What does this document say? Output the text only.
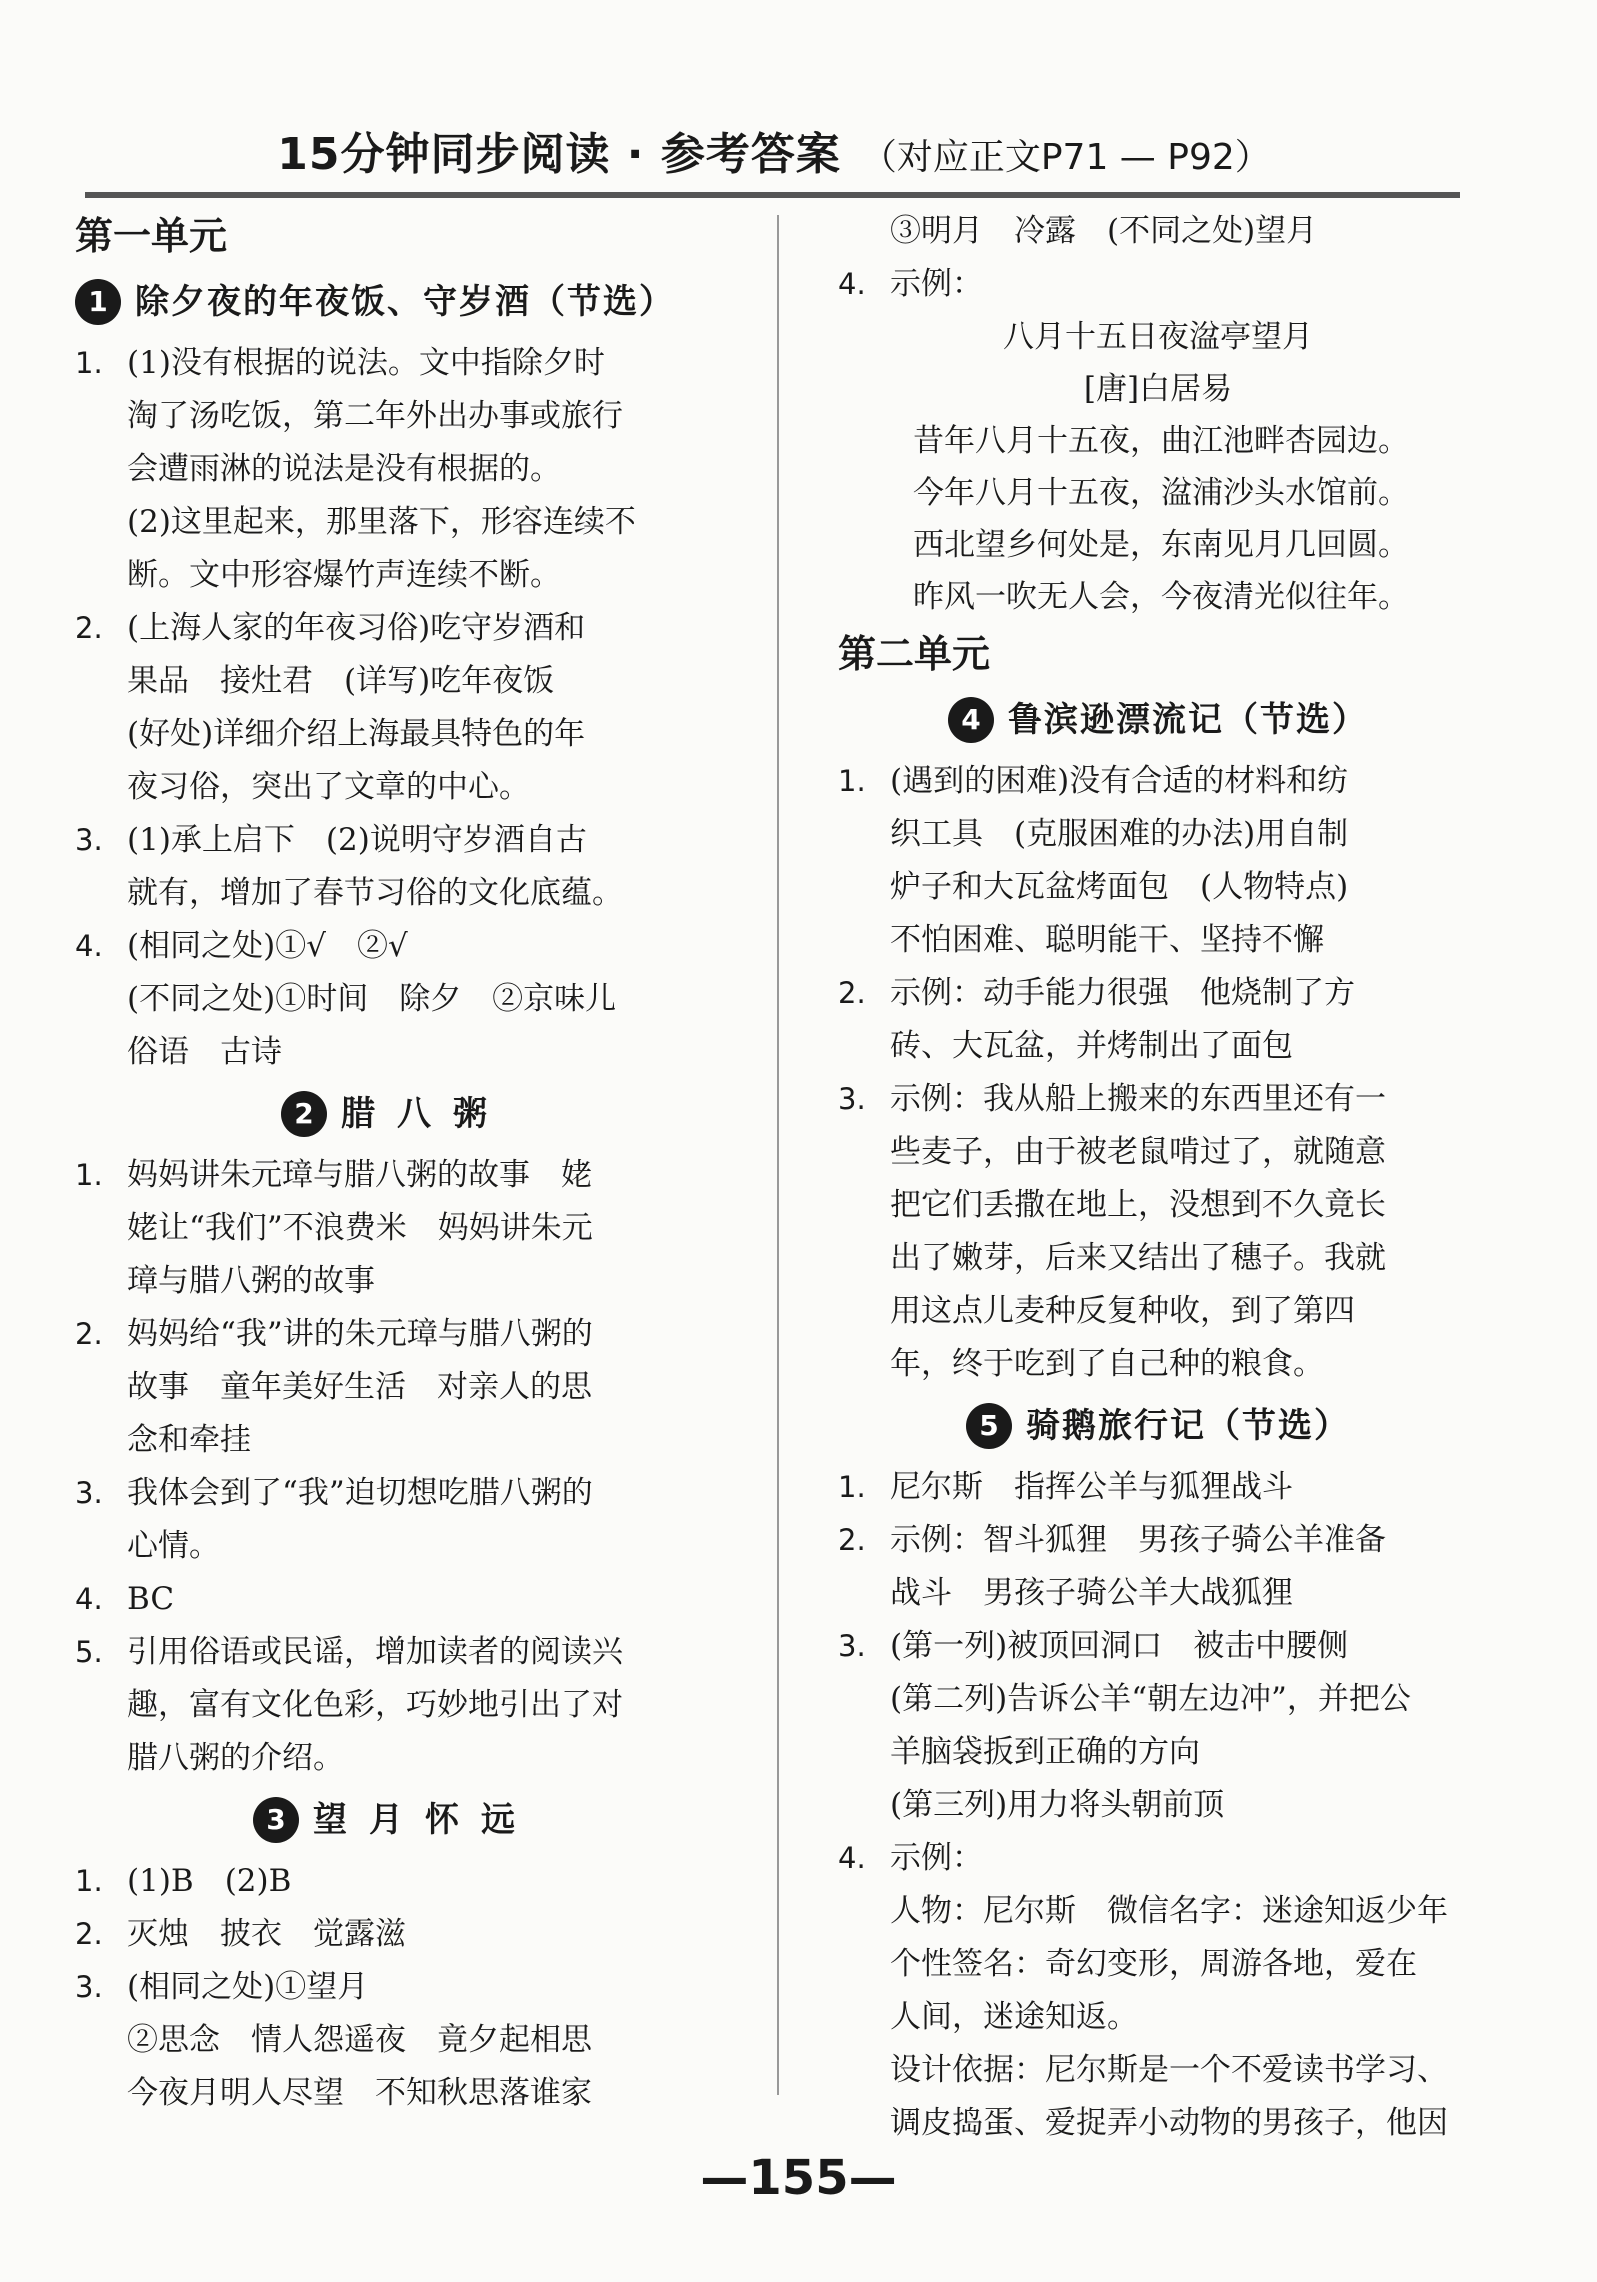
15分钟同步阅读 · 参考答案 （对应正文P71 — P92）
第一单元
1 除夕夜的年夜饭、守岁酒（节选）
1. (1)没有根据的说法。文中指除夕时
淘了汤吃饭，第二年外出办事或旅行
会遭雨淋的说法是没有根据的。
(2)这里起来，那里落下，形容连续不
断。文中形容爆竹声连续不断。
2. (上海人家的年夜习俗)吃守岁酒和
果品　接灶君　(详写)吃年夜饭
(好处)详细介绍上海最具特色的年
夜习俗，突出了文章的中心。
3. (1)承上启下　(2)说明守岁酒自古
就有，增加了春节习俗的文化底蕴。
4. (相同之处)①√　②√
(不同之处)①时间　除夕　②京味儿
俗语　古诗
2 腊八粥
1. 妈妈讲朱元璋与腊八粥的故事　姥
姥让“我们”不浪费米　妈妈讲朱元
璋与腊八粥的故事
2. 妈妈给“我”讲的朱元璋与腊八粥的
故事　童年美好生活　对亲人的思
念和牵挂
3. 我体会到了“我”迫切想吃腊八粥的
心情。
4. BC
5. 引用俗语或民谣，增加读者的阅读兴
趣，富有文化色彩，巧妙地引出了对
腊八粥的介绍。
3 望月怀远
1. (1)B　(2)B
2. 灭烛　披衣　觉露滋
3. (相同之处)①望月
②思念　情人怨遥夜　竟夕起相思
今夜月明人尽望　不知秋思落谁家
③明月　冷露　(不同之处)望月
4. 示例：
八月十五日夜湓亭望月
[唐]白居易
昔年八月十五夜，曲江池畔杏园边。
今年八月十五夜，湓浦沙头水馆前。
西北望乡何处是，东南见月几回圆。
昨风一吹无人会，今夜清光似往年。
第二单元
4 鲁滨逊漂流记（节选）
1. (遇到的困难)没有合适的材料和纺
织工具　(克服困难的办法)用自制
炉子和大瓦盆烤面包　(人物特点)
不怕困难、聪明能干、坚持不懈
2. 示例：动手能力很强　他烧制了方
砖、大瓦盆，并烤制出了面包
3. 示例：我从船上搬来的东西里还有一
些麦子，由于被老鼠啃过了，就随意
把它们丢撒在地上，没想到不久竟长
出了嫩芽，后来又结出了穗子。我就
用这点儿麦种反复种收，到了第四
年，终于吃到了自己种的粮食。
5 骑鹅旅行记（节选）
1. 尼尔斯　指挥公羊与狐狸战斗
2. 示例：智斗狐狸　男孩子骑公羊准备
战斗　男孩子骑公羊大战狐狸
3. (第一列)被顶回洞口　被击中腰侧
(第二列)告诉公羊“朝左边冲”，并把公
羊脑袋扳到正确的方向
(第三列)用力将头朝前顶
4. 示例：
人物：尼尔斯　微信名字：迷途知返少年
个性签名：奇幻变形，周游各地，爱在
人间，迷途知返。
设计依据：尼尔斯是一个不爱读书学习、
调皮捣蛋、爱捉弄小动物的男孩子，他因
—155—
